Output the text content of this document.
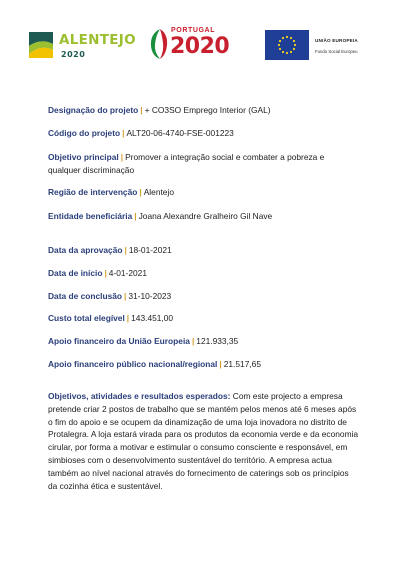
ALENTEJO
2020
PORTUGAL
2020	UNIÃO EUROPEIA
Fundo Social Europeu
Designação do projeto | + CO3SO Emprego Interior (GAL)
Código do projeto | ALT20-06-4740-FSE-001223
Objetivo principal | Promover a integração social e combater a pobreza e qualquer discriminação
Região de intervenção | Alentejo
Entidade beneficiária | Joana Alexandre Gralheiro Gil Nave
Data da aprovação | 18-01-2021
Data de início | 4-01-2021
Data de conclusão | 31-10-2023
Custo total elegível | 143.451,00
Apoio financeiro da União Europeia | 121.933,35
Apoio financeiro público nacional/regional | 21.517,65
Objetivos, atividades e resultados esperados: Com este projecto a empresa pretende criar 2 postos de trabalho que se mantém pelos menos até 6 meses após o fim do apoio e se ocupem da dinamização de uma loja inovadora no distrito de Protalegra. A loja estará virada para os produtos da economia verde e da economia cirular, por forma a motivar e estimular o consumo consciente e responsável, em simbioses com o desenvolvimento sustentável do território. A empresa actua também ao nível nacional através do fornecimento de caterings sob os princípios da cozinha ética e sustentável.
